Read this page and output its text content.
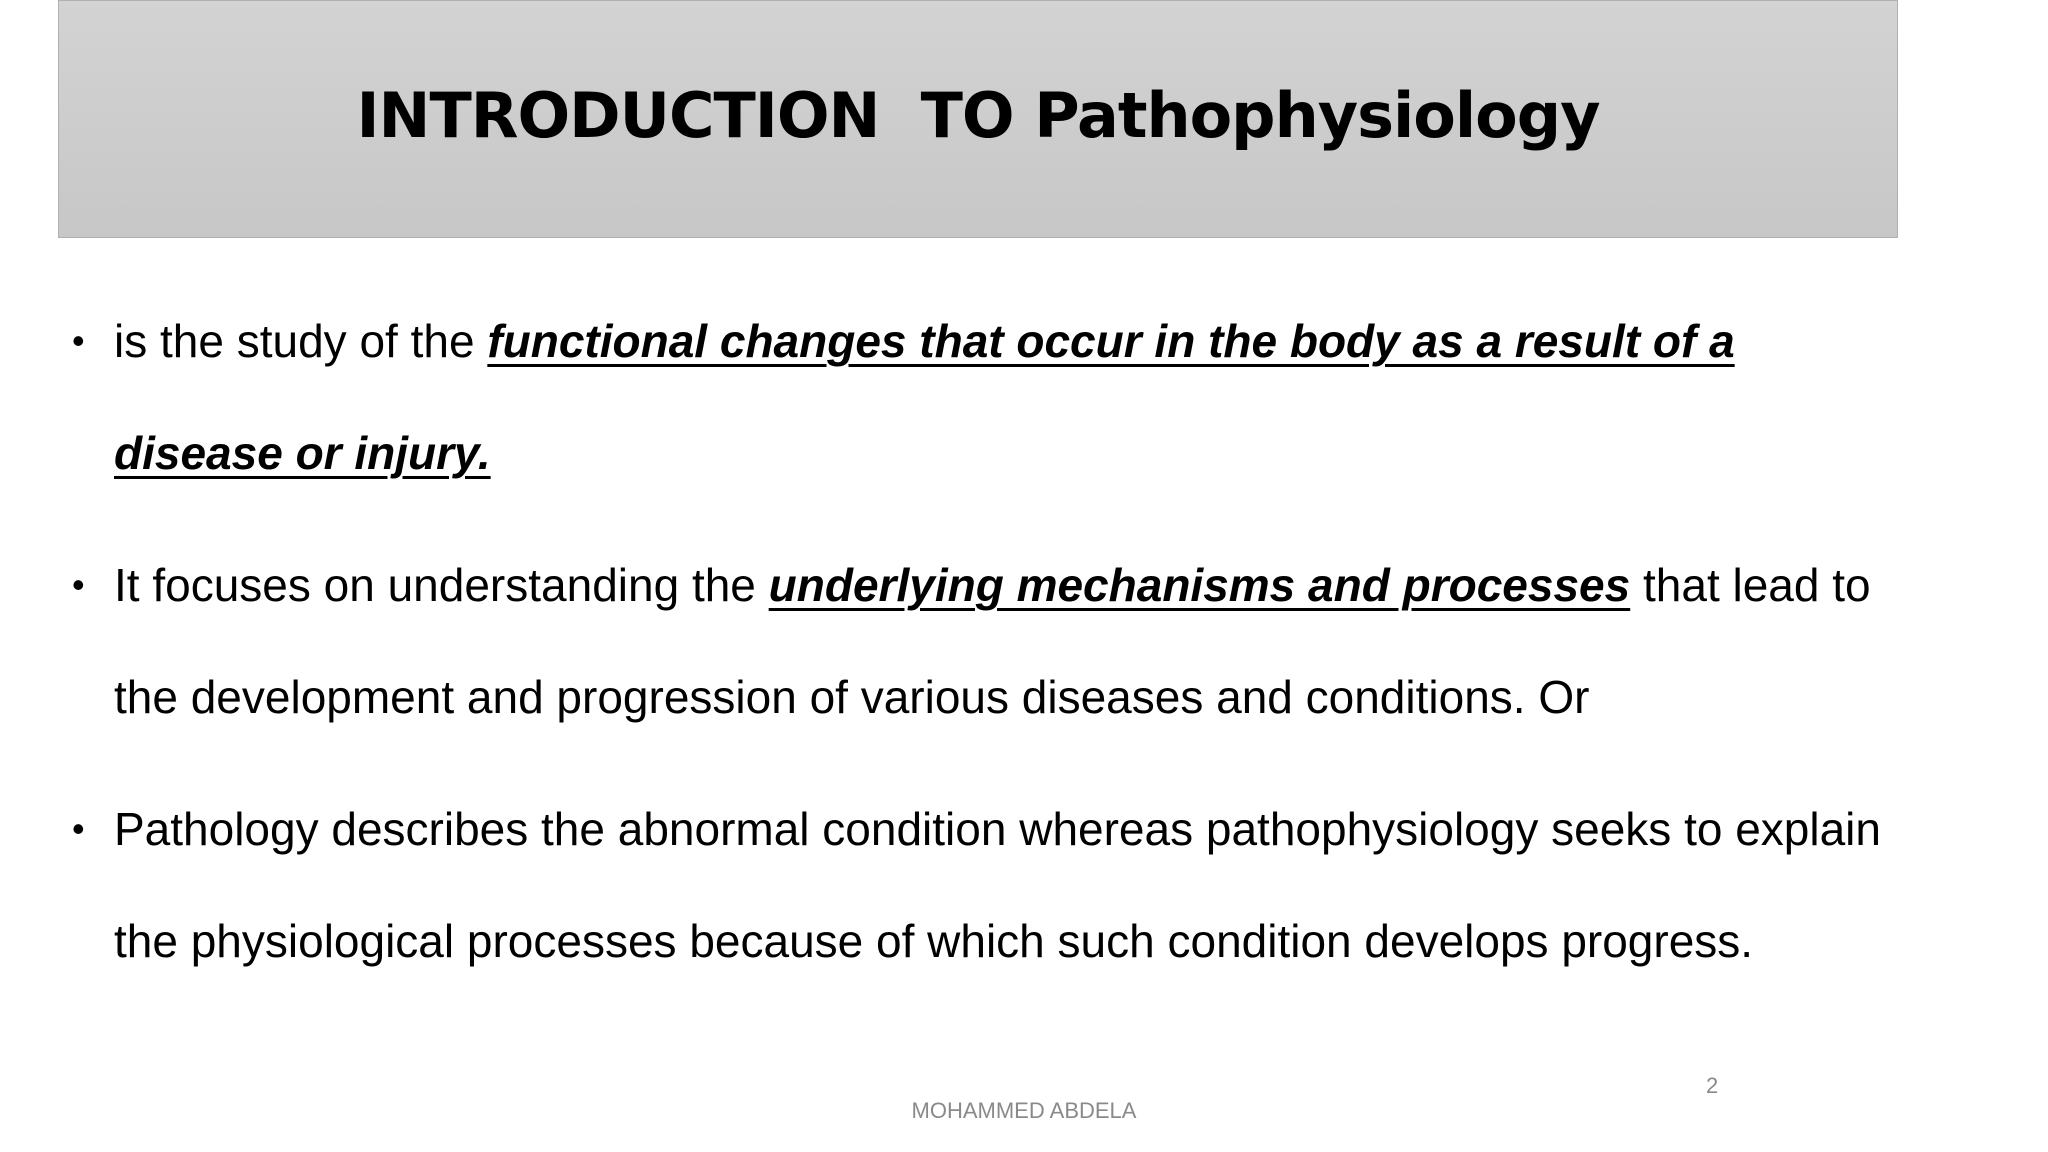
INTRODUCTION  TO Pathophysiology
• is the study of the functional changes that occur in the body as a result of a disease or injury.
• It focuses on understanding the underlying mechanisms and processes that lead to the development and progression of various diseases and conditions. Or
• Pathology describes the abnormal condition whereas pathophysiology seeks to explain the physiological processes because of which such condition develops progress.
2
MOHAMMED ABDELA
